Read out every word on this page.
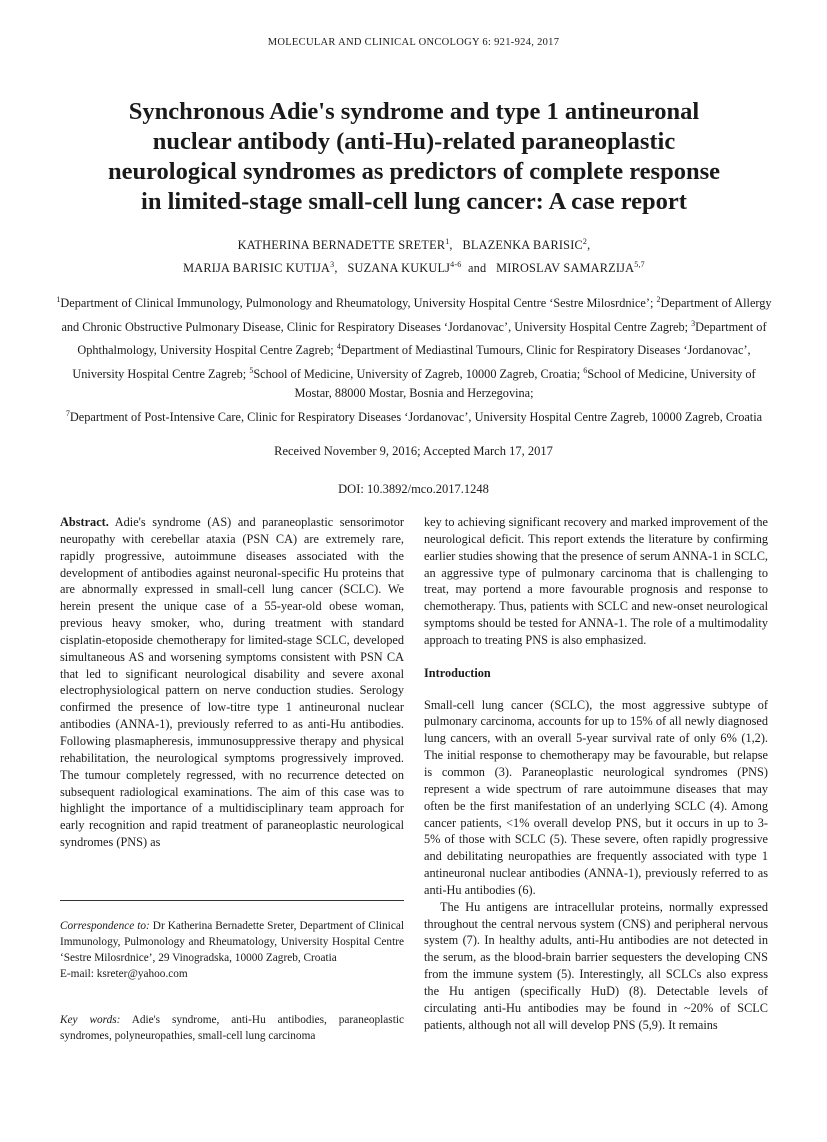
MOLECULAR AND CLINICAL ONCOLOGY 6: 921-924, 2017
Synchronous Adie's syndrome and type 1 antineuronal
nuclear antibody (anti-Hu)-related paraneoplastic
neurological syndromes as predictors of complete response
in limited-stage small-cell lung cancer: A case report
KATHERINA BERNADETTE SRETER$^1$,   BLAZENKA BARISIC$^2$,
MARIJA BARISIC KUTIJA$^3$,   SUZANA KUKULJ$^{4-6}$  and   MIROSLAV SAMARZIJA$^{5,7}$
$^1$Department of Clinical Immunology, Pulmonology and Rheumatology, University Hospital Centre ‘Sestre Milosrdnice’; $^2$Department of Allergy and Chronic Obstructive Pulmonary Disease, Clinic for Respiratory Diseases ‘Jordanovac’, University Hospital Centre Zagreb; $^3$Department of Ophthalmology, University Hospital Centre Zagreb; $^4$Department of Mediastinal Tumours, Clinic for Respiratory Diseases ‘Jordanovac’, University Hospital Centre Zagreb; $^5$School of Medicine, University of Zagreb, 10000 Zagreb, Croatia; $^6$School of Medicine, University of Mostar, 88000 Mostar, Bosnia and Herzegovina;
$^7$Department of Post-Intensive Care, Clinic for Respiratory Diseases ‘Jordanovac’, University Hospital Centre Zagreb, 10000 Zagreb, Croatia
Received November 9, 2016; Accepted March 17, 2017
DOI: 10.3892/mco.2017.1248

Abstract. Adie's syndrome (AS) and paraneoplastic sensorimotor neuropathy with cerebellar ataxia (PSN CA) are extremely rare, rapidly progressive, autoimmune diseases associated with the development of antibodies against neuronal-specific Hu proteins that are abnormally expressed in small-cell lung cancer (SCLC). We herein present the unique case of a 55-year-old obese woman, previous heavy smoker, who, during treatment with standard cisplatin-etoposide chemotherapy for limited-stage SCLC, developed simultaneous AS and worsening symptoms consistent with PSN CA that led to significant neurological disability and severe axonal electrophysiological pattern on nerve conduction studies. Serology confirmed the presence of low-titre type 1 antineuronal nuclear antibodies (ANNA-1), previously referred to as anti-Hu antibodies. Following plasmapheresis, immunosuppressive therapy and physical rehabilitation, the neurological symptoms progressively improved. The tumour completely regressed, with no recurrence detected on subsequent radiological examinations. The aim of this case was to highlight the importance of a multidisciplinary team approach for early recognition and rapid treatment of paraneoplastic neurological syndromes (PNS) as

Correspondence to: Dr Katherina Bernadette Sreter, Department of Clinical Immunology, Pulmonology and Rheumatology, University Hospital Centre ‘Sestre Milosrdnice’, 29 Vinogradska, 10000 Zagreb, Croatia
E-mail: ksreter@yahoo.com
Key words: Adie's syndrome, anti-Hu antibodies, paraneoplastic syndromes, polyneuropathies, small-cell lung carcinoma

key to achieving significant recovery and marked improvement of the neurological deficit. This report extends the literature by confirming earlier studies showing that the presence of serum ANNA-1 in SCLC, an aggressive type of pulmonary carcinoma that is challenging to treat, may portend a more favourable prognosis and response to chemotherapy. Thus, patients with SCLC and new-onset neurological symptoms should be tested for ANNA-1. The role of a multimodality approach to treating PNS is also emphasized.

Introduction

Small-cell lung cancer (SCLC), the most aggressive subtype of pulmonary carcinoma, accounts for up to 15% of all newly diagnosed lung cancers, with an overall 5-year survival rate of only 6% (1,2). The initial response to chemotherapy may be favourable, but relapse is common (3). Paraneoplastic neurological syndromes (PNS) represent a wide spectrum of rare autoimmune diseases that may often be the first manifestation of an underlying SCLC (4). Among cancer patients, <1% overall develop PNS, but it occurs in up to 3-5% of those with SCLC (5). These severe, often rapidly progressive and debilitating neuropathies are frequently associated with type 1 antineuronal nuclear antibodies (ANNA-1), previously referred to as anti-Hu antibodies (6).

The Hu antigens are intracellular proteins, normally expressed throughout the central nervous system (CNS) and peripheral nervous system (7). In healthy adults, anti-Hu antibodies are not detected in the serum, as the blood-brain barrier sequesters the developing CNS from the immune system (5). Interestingly, all SCLCs also express the Hu antigen (specifically HuD) (8). Detectable levels of circulating anti-Hu antibodies may be found in ~20% of SCLC patients, although not all will develop PNS (5,9). It remains
